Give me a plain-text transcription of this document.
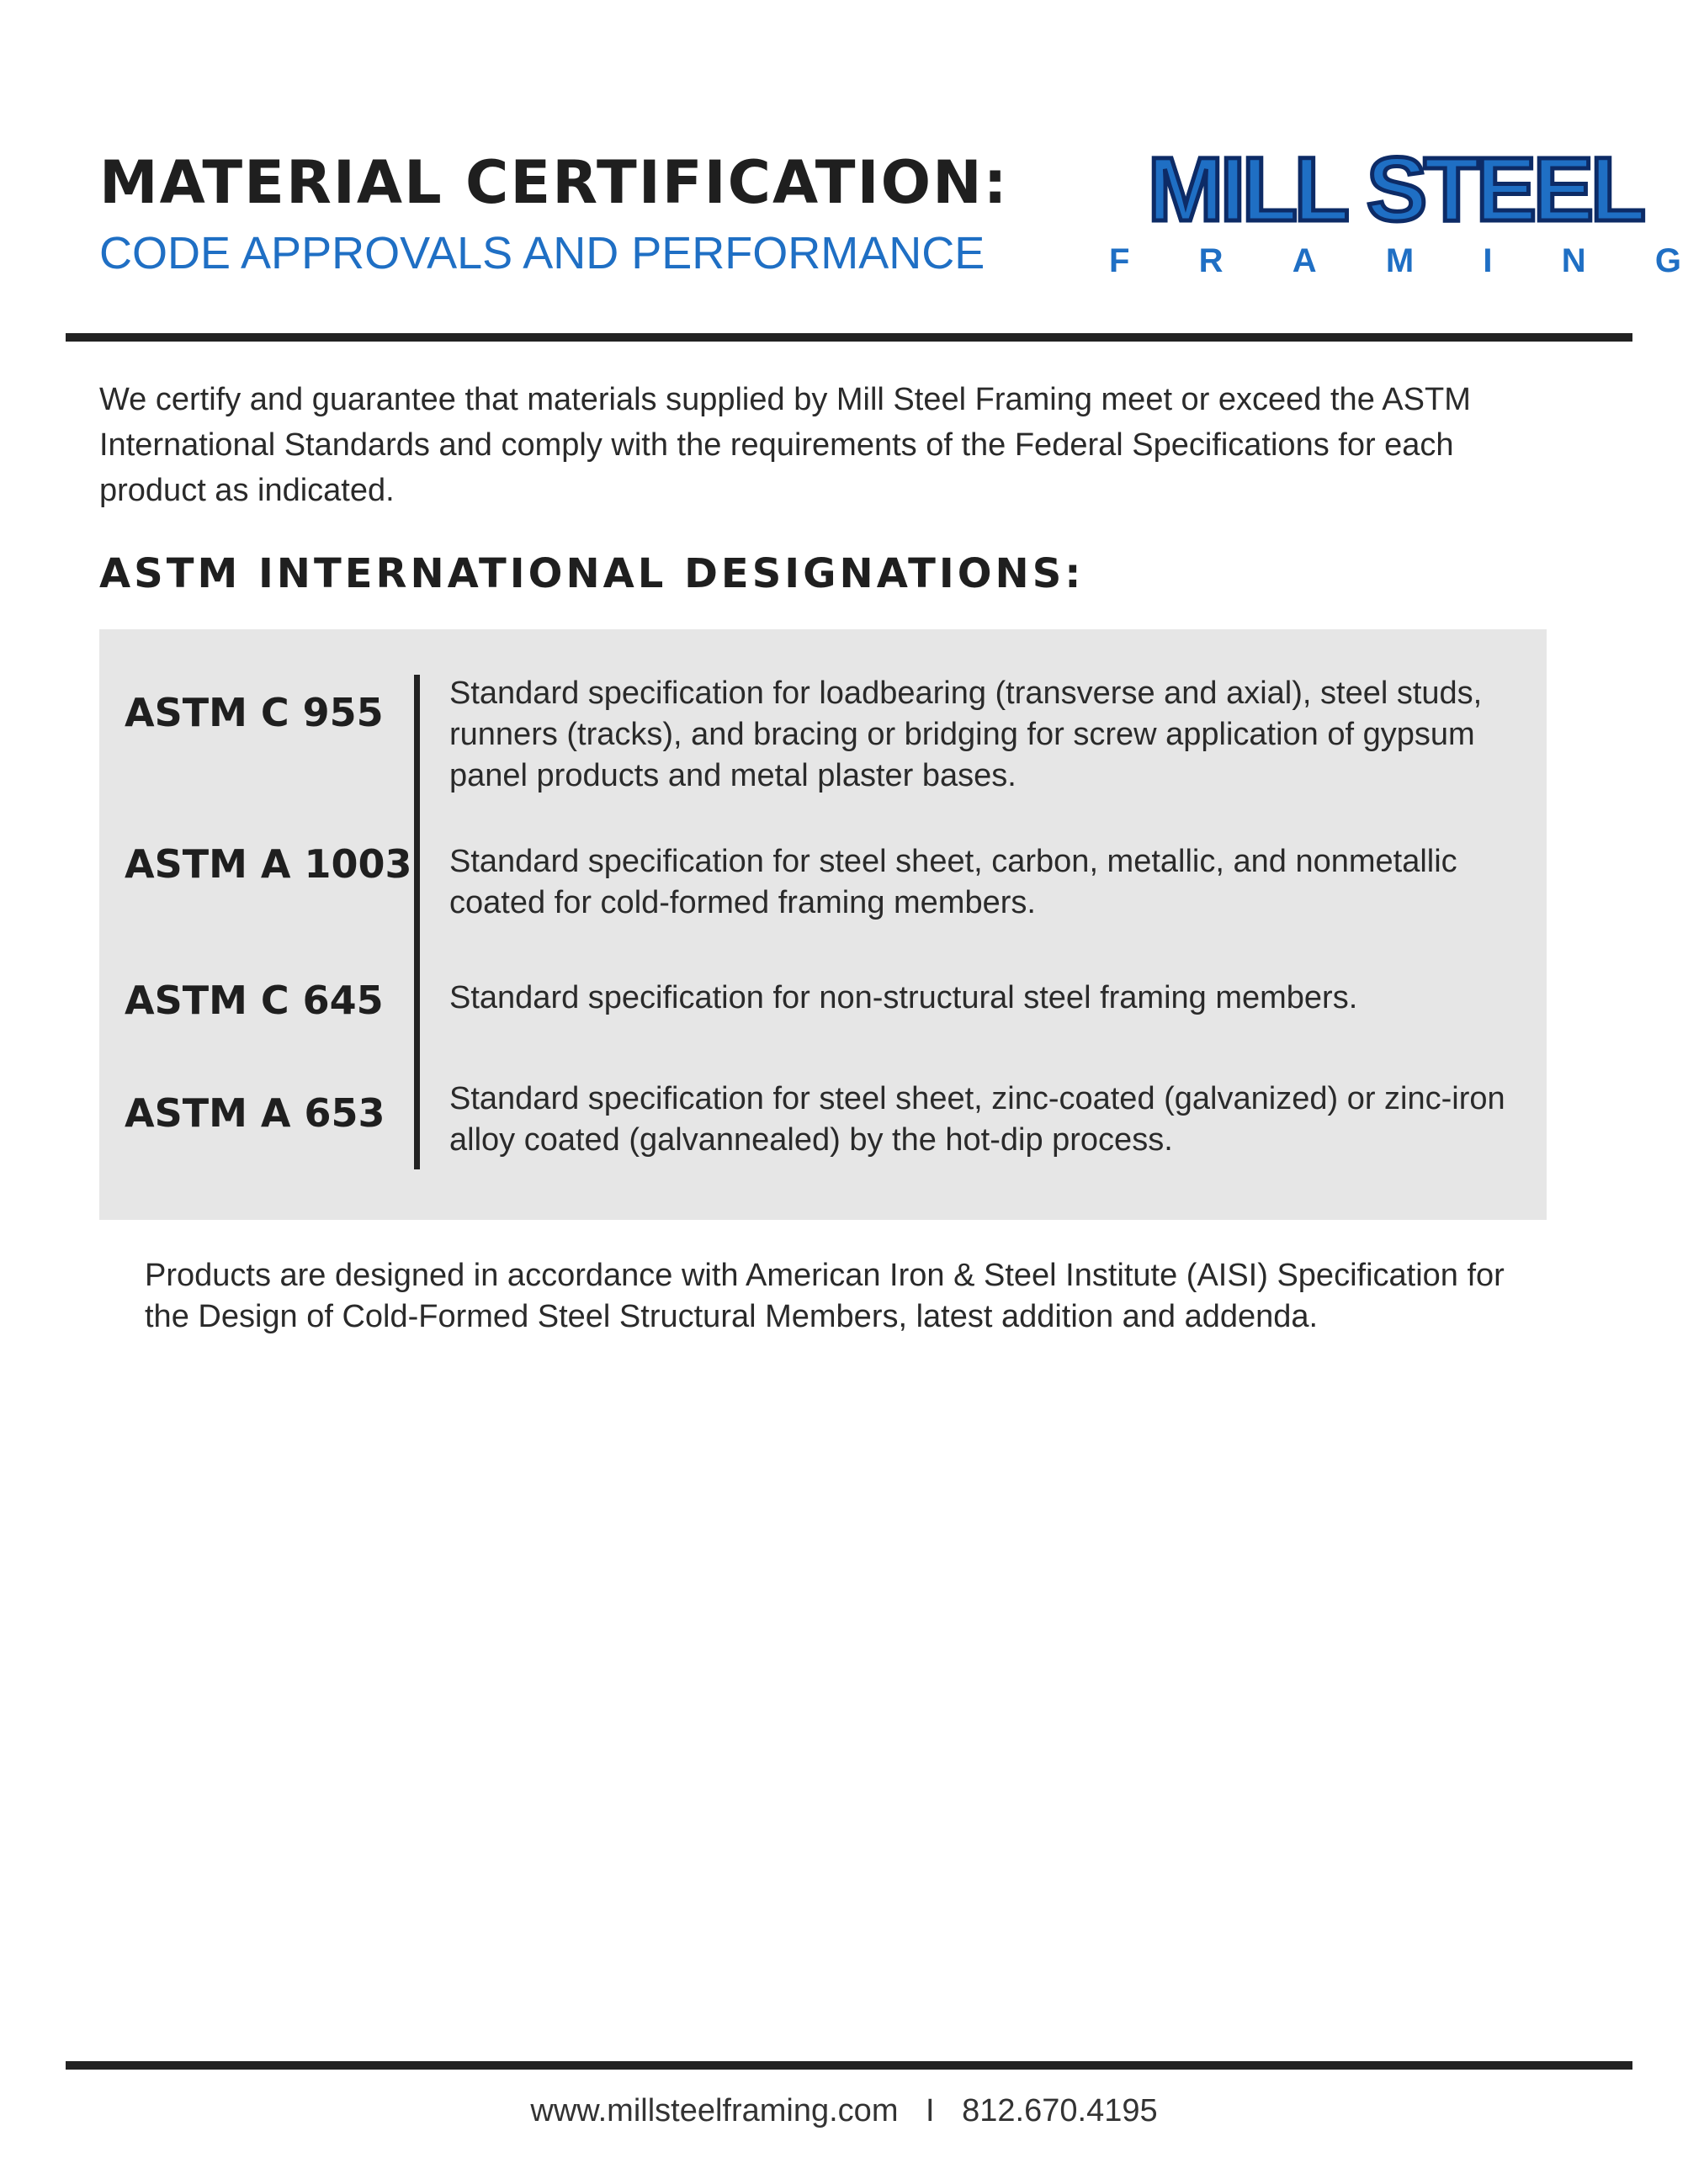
MATERIAL CERTIFICATION:
CODE APPROVALS AND PERFORMANCE
MILL STEEL
F R A M I N G

We certify and guarantee that materials supplied by Mill Steel Framing meet or exceed the ASTM International Standards and comply with the requirements of the Federal Specifications for each product as indicated.

ASTM INTERNATIONAL DESIGNATIONS:
ASTM C 955 Standard specification for loadbearing (transverse and axial), steel studs, runners (tracks), and bracing or bridging for screw application of gypsum panel products and metal plaster bases.
ASTM A 1003 Standard specification for steel sheet, carbon, metallic, and nonmetallic coated for cold-formed framing members.
ASTM C 645 Standard specification for non-structural steel framing members.
ASTM A 653 Standard specification for steel sheet, zinc-coated (galvanized) or zinc-iron alloy coated (galvannealed) by the hot-dip process.

Products are designed in accordance with American Iron & Steel Institute (AISI) Specification for the Design of Cold-Formed Steel Structural Members, latest addition and addenda.

www.millsteelframing.com I 812.670.4195
